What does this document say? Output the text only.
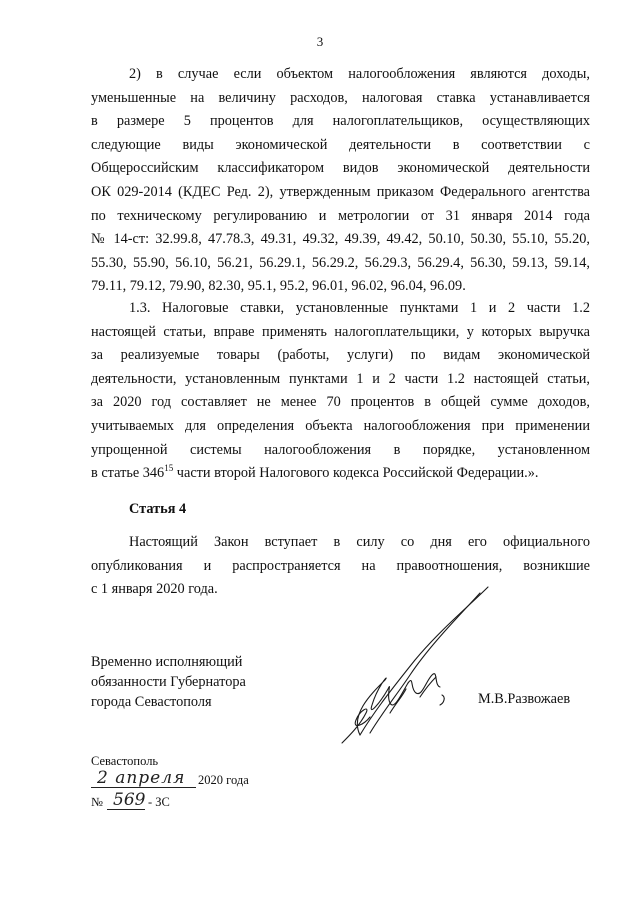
3
2) в случае если объектом налогообложения являются доходы,
уменьшенные на величину расходов, налоговая ставка устанавливается
в размере 5 процентов для налогоплательщиков, осуществляющих
следующие виды экономической деятельности в соответствии с
Общероссийским классификатором видов экономической деятельности
ОК 029-2014 (КДЕС Ред. 2), утвержденным приказом Федерального агентства
по техническому регулированию и метрологии от 31 января 2014 года
№ 14-ст: 32.99.8, 47.78.3, 49.31, 49.32, 49.39, 49.42, 50.10, 50.30, 55.10, 55.20,
55.30, 55.90, 56.10, 56.21, 56.29.1, 56.29.2, 56.29.3, 56.29.4, 56.30, 59.13, 59.14,
79.11, 79.12, 79.90, 82.30, 95.1, 95.2, 96.01, 96.02, 96.04, 96.09.
1.3. Налоговые ставки, установленные пунктами 1 и 2 части 1.2
настоящей статьи, вправе применять налогоплательщики, у которых выручка
за реализуемые товары (работы, услуги) по видам экономической
деятельности, установленным пунктами 1 и 2 части 1.2 настоящей статьи,
за 2020 год составляет не менее 70 процентов в общей сумме доходов,
учитываемых для определения объекта налогообложения при применении
упрощенной системы налогообложения в порядке, установленном
в статье $346^{15}$ части второй Налогового кодекса Российской Федерации.».
Статья 4
Настоящий Закон вступает в силу со дня его официального
опубликования и распространяется на правоотношения, возникшие
с 1 января 2020 года.
Временно исполняющий
обязанности Губернатора
города Севастополя	М.В.Развожаев
Севастополь
2 апреля 2020 года
№ 569 - ЗС
